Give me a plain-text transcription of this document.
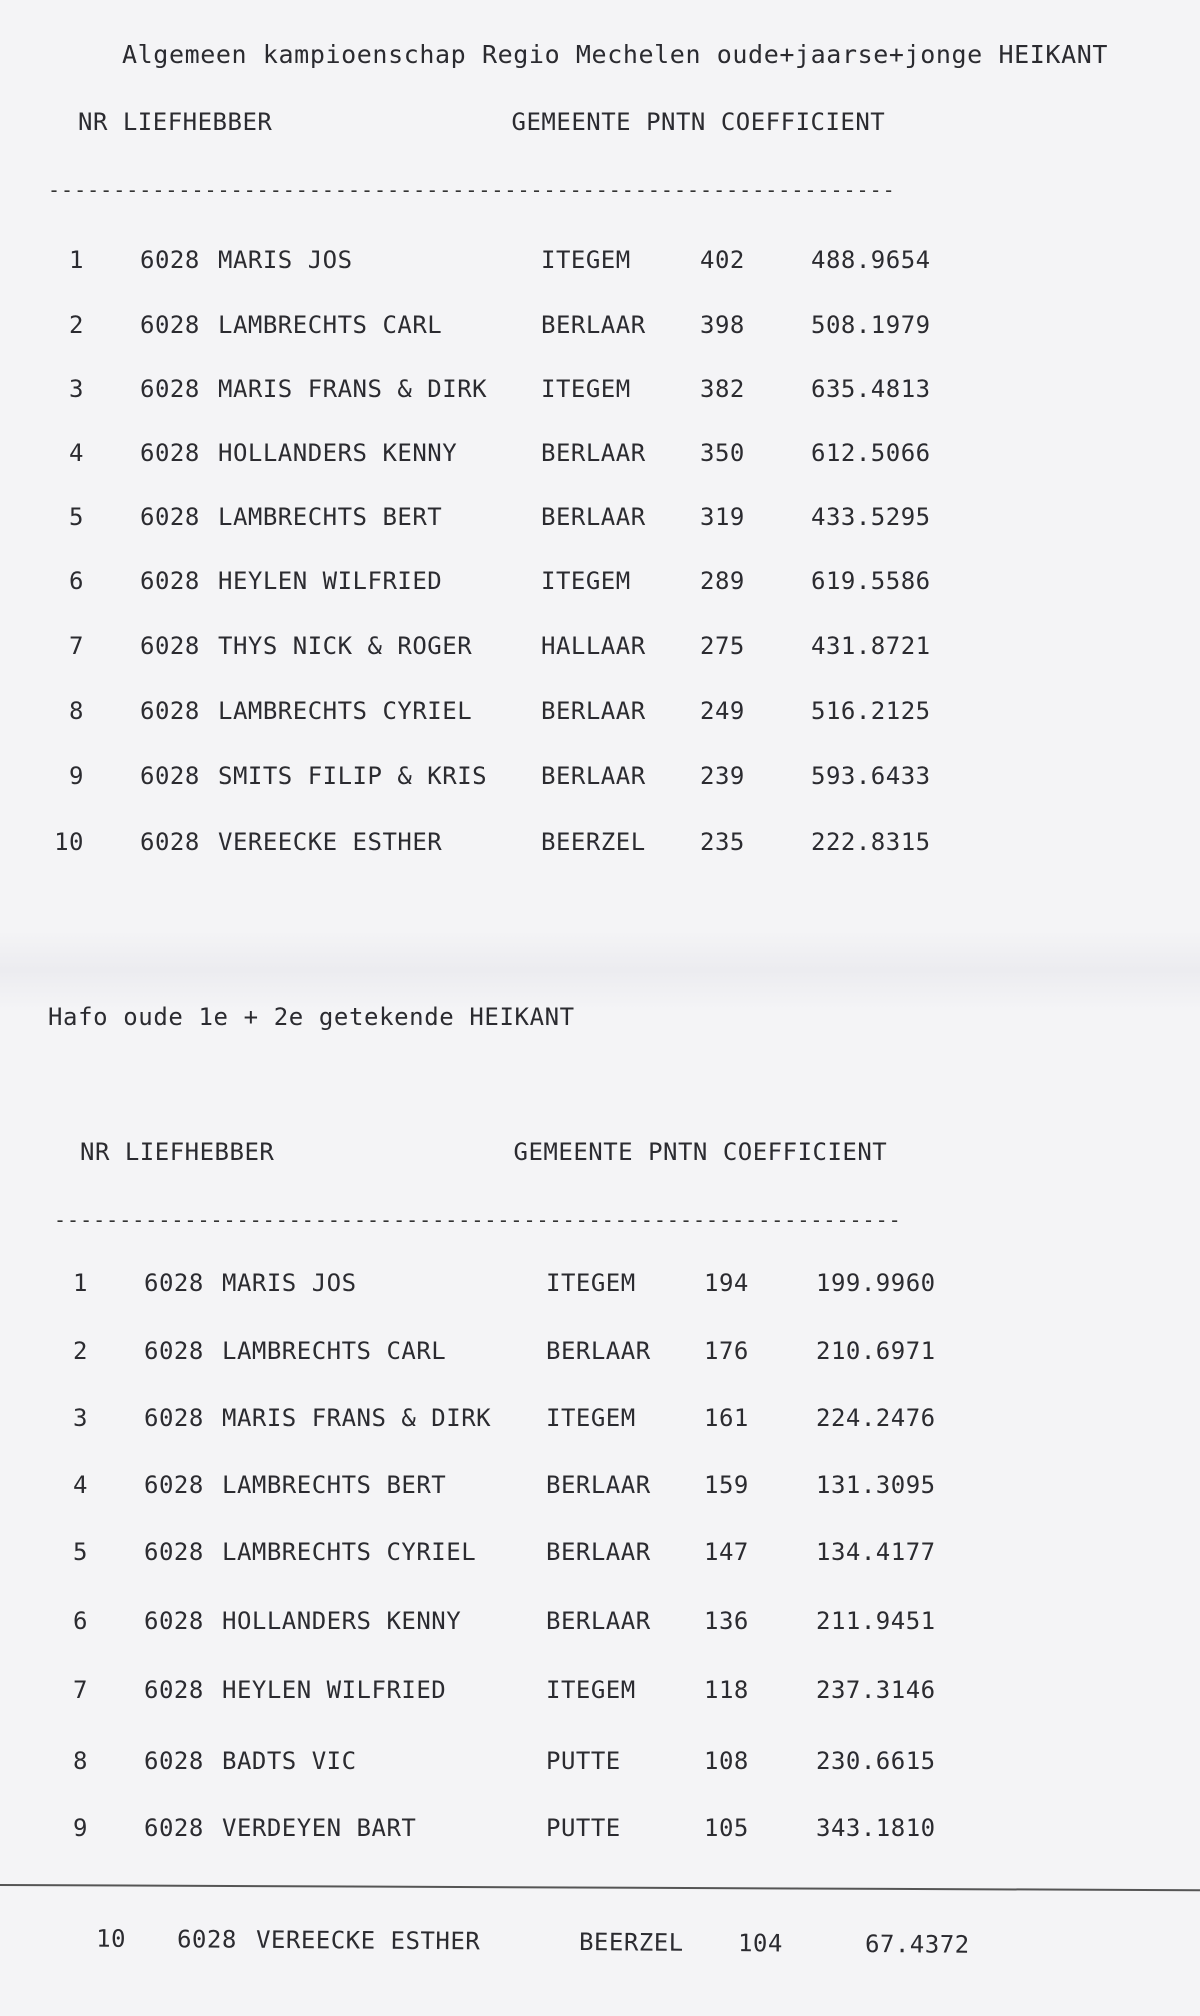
Algemeen kampioenschap Regio Mechelen oude+jaarse+jonge HEIKANT
NR LIEFHEBBER                GEMEENTE PNTN COEFFICIENT
-----------------------------------------------------------------
1 6028 MARIS JOS	ITEGEM	402	488.9654
2 6028 LAMBRECHTS CARL	BERLAAR 398	508.1979
3 6028 MARIS FRANS & DIRK ITEGEM	382	635.4813
4 6028 HOLLANDERS KENNY	BERLAAR 350	612.5066
5 6028 LAMBRECHTS BERT	BERLAAR 319	433.5295
6 6028 HEYLEN WILFRIED	ITEGEM	289	619.5586
7 6028 THYS NICK & ROGER	HALLAAR 275	431.8721
8 6028 LAMBRECHTS CYRIEL	BERLAAR 249	516.2125
9 6028 SMITS FILIP & KRIS BERLAAR 239	593.6433
10 6028 VEREECKE ESTHER	BEERZEL 235	222.8315
Hafo oude 1e + 2e getekende HEIKANT
NR LIEFHEBBER                GEMEENTE PNTN COEFFICIENT
-----------------------------------------------------------------
1 6028 MARIS JOS	ITEGEM	194	199.9960
2 6028 LAMBRECHTS CARL	BERLAAR 176	210.6971
3 6028 MARIS FRANS & DIRK ITEGEM	161	224.2476
4 6028 LAMBRECHTS BERT	BERLAAR 159	131.3095
5 6028 LAMBRECHTS CYRIEL	BERLAAR 147	134.4177
6 6028 HOLLANDERS KENNY	BERLAAR 136	211.9451
7 6028 HEYLEN WILFRIED	ITEGEM	118	237.3146
8 6028 BADTS VIC	PUTTE	108	230.6615
9 6028 VERDEYEN BART	PUTTE	105	343.1810
10 6028 VEREECKE ESTHER	BEERZEL 104	67.4372
